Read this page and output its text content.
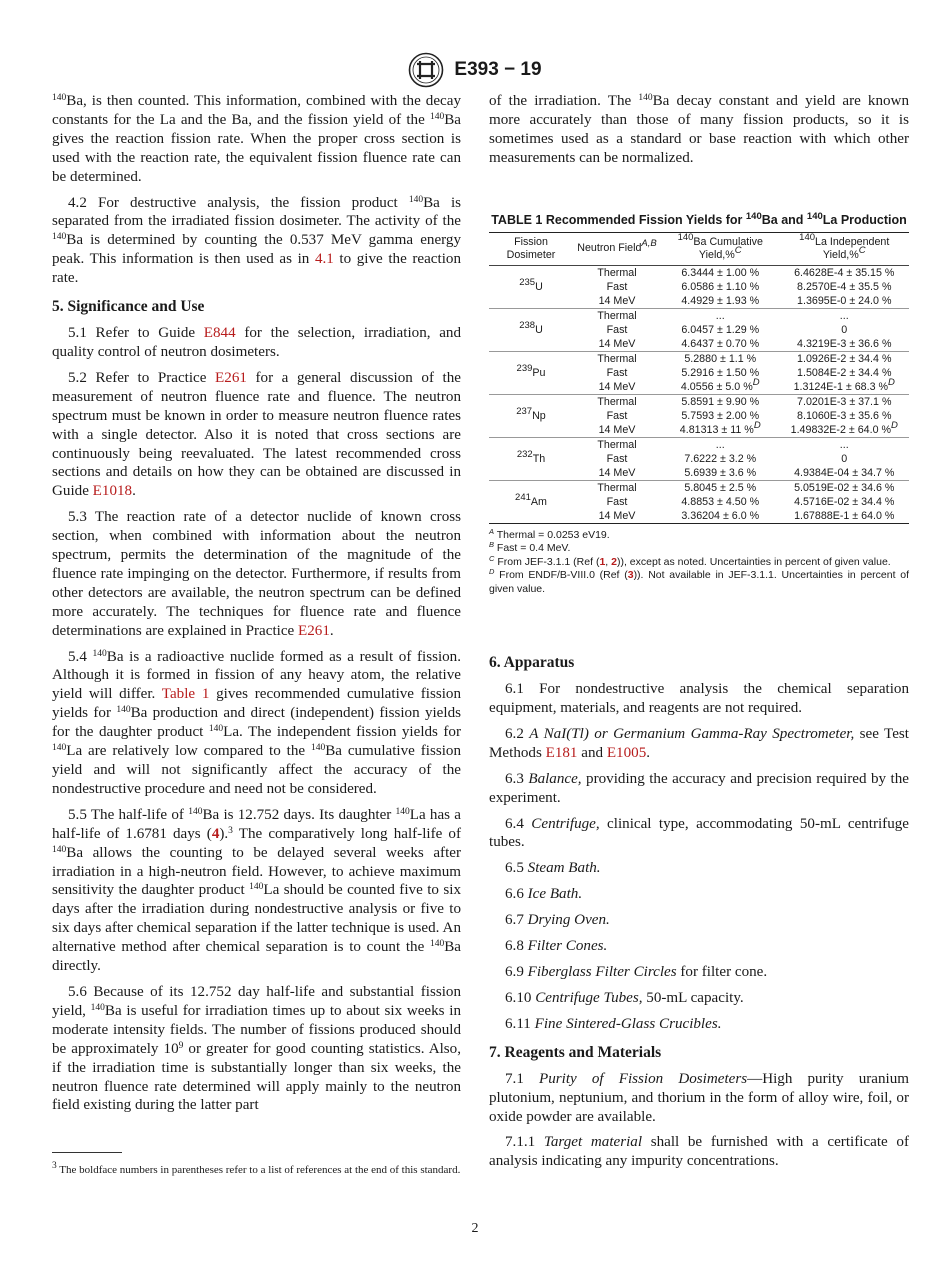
E393 − 19

$^{140}$Ba, is then counted. This information, combined with the decay constants for the La and the Ba, and the fission yield of the $^{140}$Ba gives the reaction fission rate. When the proper cross section is used with the reaction rate, the equivalent fission fluence rate can be determined.

4.2 For destructive analysis, the fission product $^{140}$Ba is separated from the irradiated fission dosimeter. The activity of the $^{140}$Ba is determined by counting the 0.537 MeV gamma energy peak. This information is then used as in 4.1 to give the reaction rate.

5. Significance and Use

5.1 Refer to Guide E844 for the selection, irradiation, and quality control of neutron dosimeters.

5.2 Refer to Practice E261 for a general discussion of the measurement of neutron fluence rate and fluence. The neutron spectrum must be known in order to measure neutron fluence rates with a single detector. Also it is noted that cross sections are continuously being reevaluated. The latest recommended cross sections and details on how they can be obtained are discussed in Guide E1018.

5.3 The reaction rate of a detector nuclide of known cross section, when combined with information about the neutron spectrum, permits the determination of the magnitude of the fluence rate impinging on the detector. Furthermore, if results from other detectors are available, the neutron spectrum can be defined more accurately. The techniques for fluence rate and fluence determinations are explained in Practice E261.

5.4 $^{140}$Ba is a radioactive nuclide formed as a result of fission. Although it is formed in fission of any heavy atom, the relative yield will differ. Table 1 gives recommended cumulative fission yields for $^{140}$Ba production and direct (independent) fission yields for the daughter product $^{140}$La. The independent fission yields for $^{140}$La are relatively low compared to the $^{140}$Ba cumulative fission yield and will not significantly affect the accuracy of the nondestructive procedure and need not be considered.

5.5 The half-life of $^{140}$Ba is 12.752 days. Its daughter $^{140}$La has a half-life of 1.6781 days (4).$^3$ The comparatively long half-life of $^{140}$Ba allows the counting to be delayed several weeks after irradiation in a high-neutron field. However, to achieve maximum sensitivity the daughter product $^{140}$La should be counted five to six days after the irradiation during nondestructive analysis or five to six days after chemical separation if the latter technique is used. An alternative method after chemical separation is to count the $^{140}$Ba directly.

5.6 Because of its 12.752 day half-life and substantial fission yield, $^{140}$Ba is useful for irradiation times up to about six weeks in moderate intensity fields. The number of fissions produced should be approximately $10^9$ or greater for good counting statistics. Also, if the irradiation time is substantially longer than six weeks, the neutron fluence rate determined will apply mainly to the neutron field existing during the latter part

$^3$ The boldface numbers in parentheses refer to a list of references at the end of this standard.

of the irradiation. The $^{140}$Ba decay constant and yield are known more accurately than those of many fission products, so it is sometimes used as a standard or base reaction with which other measurements can be normalized.

TABLE 1 Recommended Fission Yields for $^{140}$Ba and $^{140}$La Production
Fission Dosimeter	Neutron Field$^{A,B}$	$^{140}$Ba Cumulative Yield,%$^C$	$^{140}$La Independent Yield,%$^C$
$^{235}$U	Thermal	6.3444 ± 1.00 %	6.4628E-4 ± 35.15 %
	Fast	6.0586 ± 1.10 %	8.2570E-4 ± 35.5 %
	14 MeV	4.4929 ± 1.93 %	1.3695E-0 ± 24.0 %
$^{238}$U	Thermal	...	...
	Fast	6.0457 ± 1.29 %	0
	14 MeV	4.6437 ± 0.70 %	4.3219E-3 ± 36.6 %
$^{239}$Pu	Thermal	5.2880 ± 1.1 %	1.0926E-2 ± 34.4 %
	Fast	5.2916 ± 1.50 %	1.5084E-2 ± 34.4 %
	14 MeV	4.0556 ± 5.0 %$^D$	1.3124E-1 ± 68.3 %$^D$
$^{237}$Np	Thermal	5.8591 ± 9.90 %	7.0201E-3 ± 37.1 %
	Fast	5.7593 ± 2.00 %	8.1060E-3 ± 35.6 %
	14 MeV	4.81313 ± 11 %$^D$	1.49832E-2 ± 64.0 %$^D$
$^{232}$Th	Thermal	...	...
	Fast	7.6222 ± 3.2 %	0
	14 MeV	5.6939 ± 3.6 %	4.9384E-04 ± 34.7 %
$^{241}$Am	Thermal	5.8045 ± 2.5 %	5.0519E-02 ± 34.6 %
	Fast	4.8853 ± 4.50 %	4.5716E-02 ± 34.4 %
	14 MeV	3.36204 ± 6.0 %	1.67888E-1 ± 64.0 %
$^A$ Thermal = 0.0253 eV19.
$^B$ Fast = 0.4 MeV.
$^C$ From JEF-3.1.1 (Ref (1, 2)), except as noted. Uncertainties in percent of given value.
$^D$ From ENDF/B-VIII.0 (Ref (3)). Not available in JEF-3.1.1. Uncertainties in percent of given value.
6. Apparatus

6.1 For nondestructive analysis the chemical separation equipment, materials, and reagents are not required.

6.2 A NaI(Tl) or Germanium Gamma-Ray Spectrometer, see Test Methods E181 and E1005.

6.3 Balance, providing the accuracy and precision required by the experiment.

6.4 Centrifuge, clinical type, accommodating 50-mL centrifuge tubes.

6.5 Steam Bath.

6.6 Ice Bath.

6.7 Drying Oven.

6.8 Filter Cones.

6.9 Fiberglass Filter Circles for filter cone.

6.10 Centrifuge Tubes, 50-mL capacity.

6.11 Fine Sintered-Glass Crucibles.

7. Reagents and Materials

7.1 Purity of Fission Dosimeters—High purity uranium plutonium, neptunium, and thorium in the form of alloy wire, foil, or oxide powder are available.

7.1.1 Target material shall be furnished with a certificate of analysis indicating any impurity concentrations.

2
